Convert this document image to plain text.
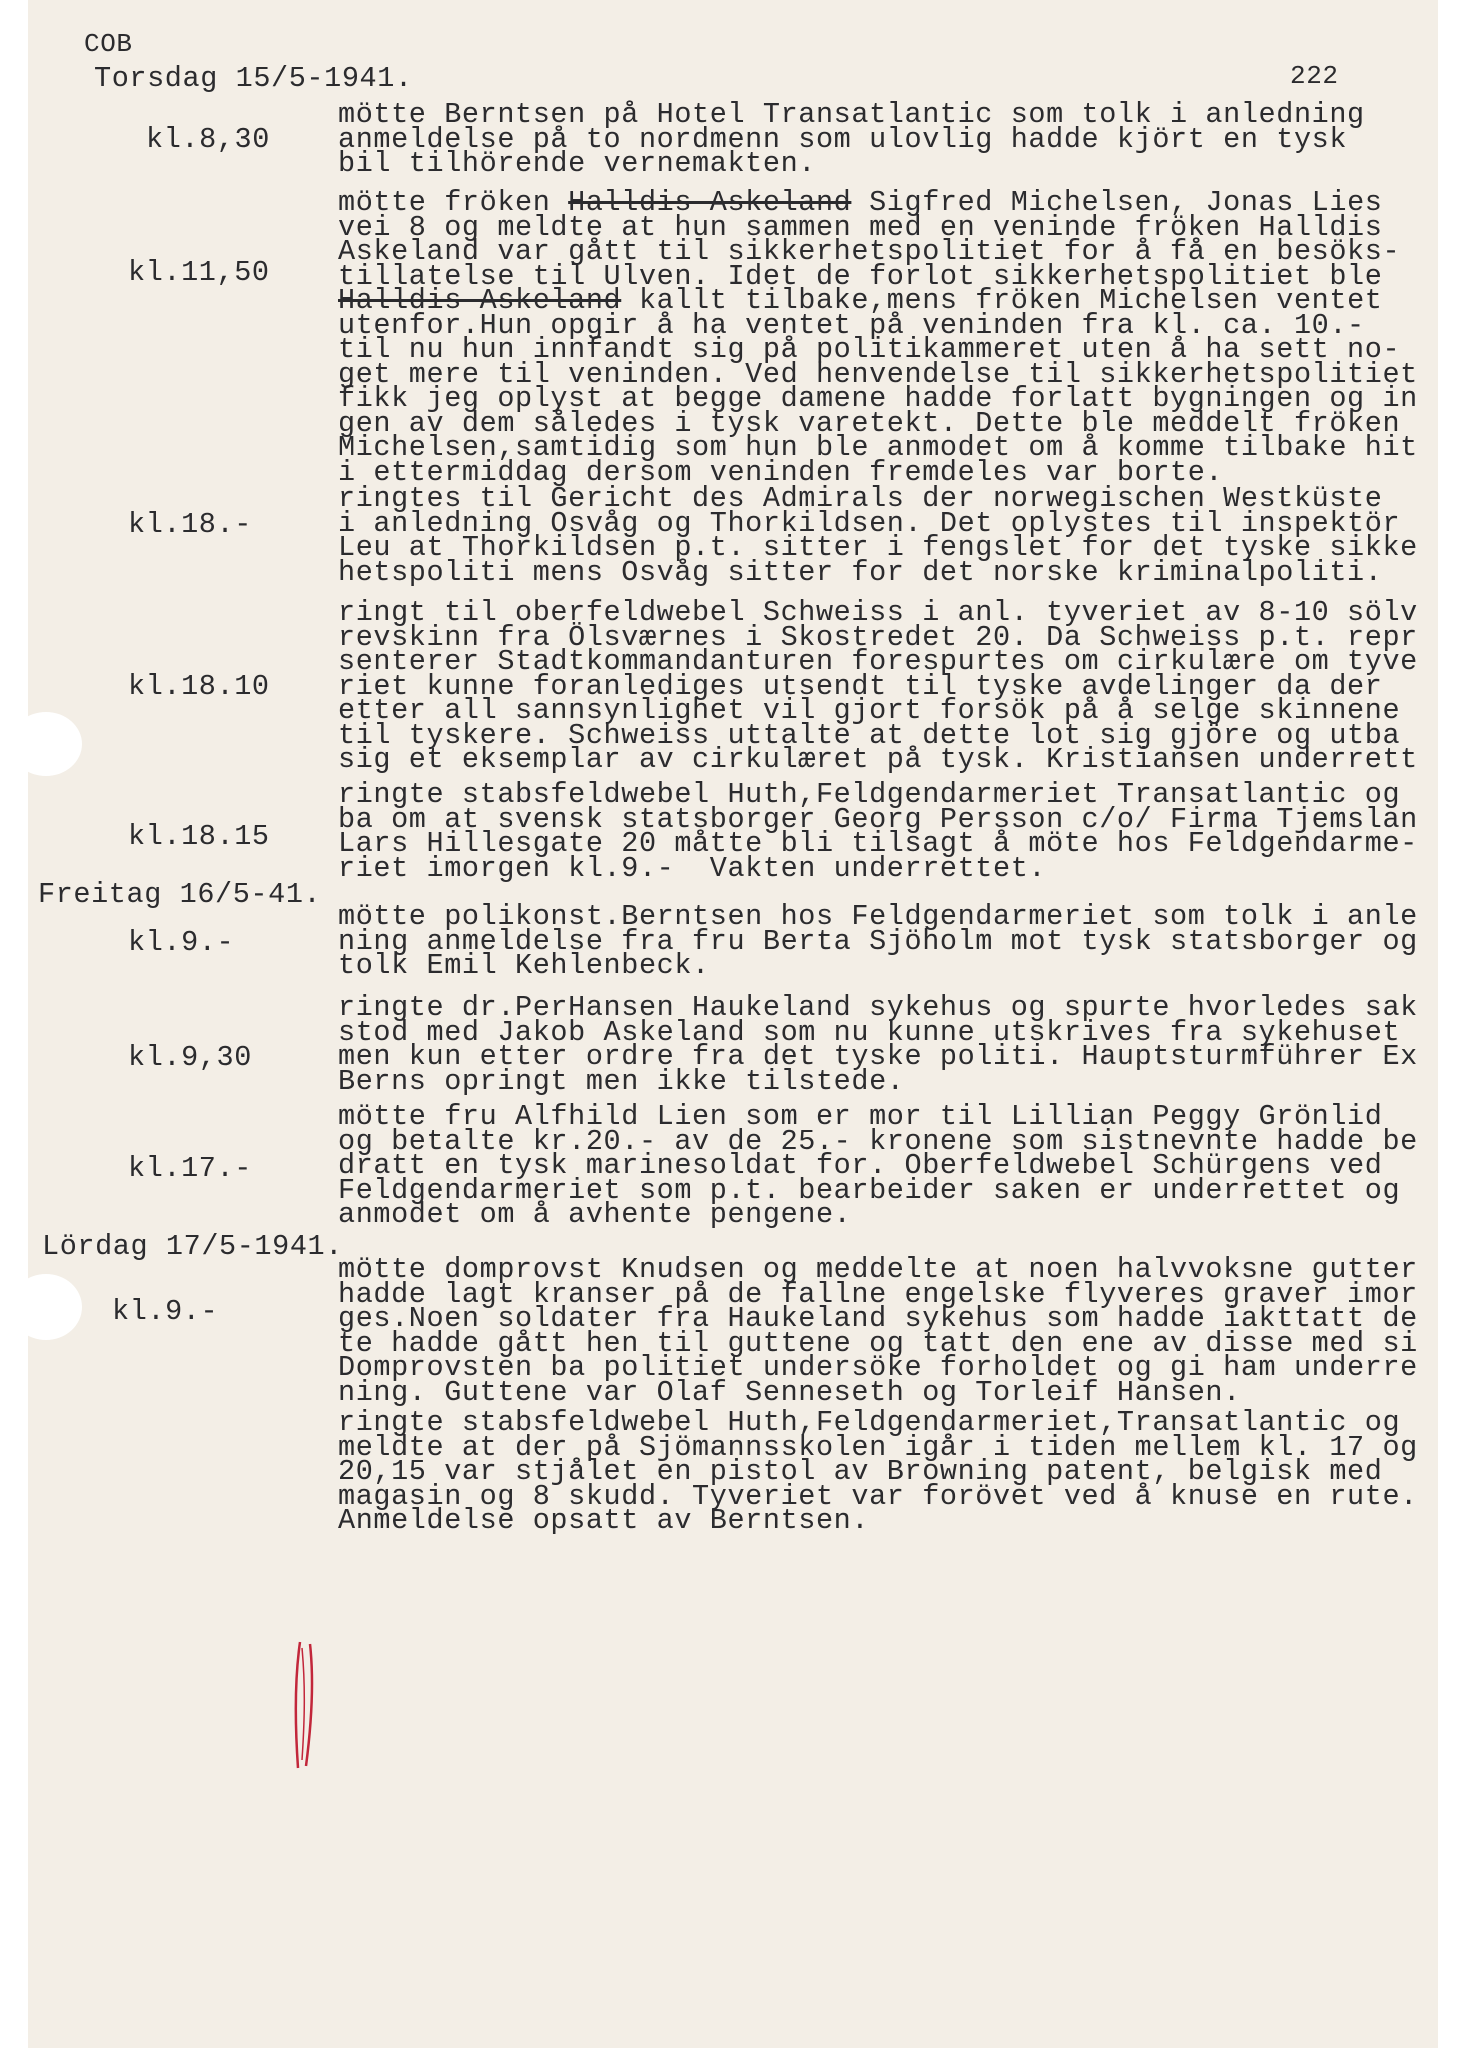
COB
222
Torsdag 15/5-1941.
Freitag 16/5-41.
Lördag 17/5-1941.
kl.8,30
mötte Berntsen på Hotel Transatlantic som tolk i anledning
anmeldelse på to nordmenn som ulovlig hadde kjört en tysk
bil tilhörende vernemakten.
kl.11,50
mötte fröken Halldis Askeland Sigfred Michelsen, Jonas Lies
vei 8 og meldte at hun sammen med en veninde fröken Halldis
Askeland var gått til sikkerhetspolitiet for å få en besöks-
tillatelse til Ulven. Idet de forlot sikkerhetspolitiet ble
Halldis Askeland kallt tilbake,mens fröken Michelsen ventet
utenfor.Hun opgir å ha ventet på veninden fra kl. ca. 10.-
til nu hun innfandt sig på politikammeret uten å ha sett no-
get mere til veninden. Ved henvendelse til sikkerhetspolitiet
fikk jeg oplyst at begge damene hadde forlatt bygningen og in
gen av dem således i tysk varetekt. Dette ble meddelt fröken
Michelsen,samtidig som hun ble anmodet om å komme tilbake hit
i ettermiddag dersom veninden fremdeles var borte.
kl.18.-
ringtes til Gericht des Admirals der norwegischen Westküste
i anledning Osvåg og Thorkildsen. Det oplystes til inspektör
Leu at Thorkildsen p.t. sitter i fengslet for det tyske sikke
hetspoliti mens Osvåg sitter for det norske kriminalpoliti.
kl.18.10
ringt til oberfeldwebel Schweiss i anl. tyveriet av 8-10 sölv
revskinn fra Ölsværnes i Skostredet 20. Da Schweiss p.t. repr
senterer Stadtkommandanturen forespurtes om cirkulære om tyve
riet kunne foranlediges utsendt til tyske avdelinger da der
etter all sannsynlighet vil gjort forsök på å selge skinnene
til tyskere. Schweiss uttalte at dette lot sig gjöre og utba
sig et eksemplar av cirkulæret på tysk. Kristiansen underrett
kl.18.15
ringte stabsfeldwebel Huth,Feldgendarmeriet Transatlantic og
ba om at svensk statsborger Georg Persson c/o/ Firma Tjemslan
Lars Hillesgate 20 måtte bli tilsagt å möte hos Feldgendarme-
riet imorgen kl.9.-  Vakten underrettet.
kl.9.-
mötte polikonst.Berntsen hos Feldgendarmeriet som tolk i anle
ning anmeldelse fra fru Berta Sjöholm mot tysk statsborger og
tolk Emil Kehlenbeck.
kl.9,30
ringte dr.PerHansen Haukeland sykehus og spurte hvorledes sak
stod med Jakob Askeland som nu kunne utskrives fra sykehuset
men kun etter ordre fra det tyske politi. Hauptsturmführer Ex
Berns opringt men ikke tilstede.
kl.17.-
mötte fru Alfhild Lien som er mor til Lillian Peggy Grönlid
og betalte kr.20.- av de 25.- kronene som sistnevnte hadde be
dratt en tysk marinesoldat for. Oberfeldwebel Schürgens ved
Feldgendarmeriet som p.t. bearbeider saken er underrettet og
anmodet om å avhente pengene.
kl.9.-
mötte domprovst Knudsen og meddelte at noen halvvoksne gutter
hadde lagt kranser på de fallne engelske flyveres graver imor
ges.Noen soldater fra Haukeland sykehus som hadde iakttatt de
te hadde gått hen til guttene og tatt den ene av disse med si
Domprovsten ba politiet undersöke forholdet og gi ham underre
ning. Guttene var Olaf Senneseth og Torleif Hansen.
ringte stabsfeldwebel Huth,Feldgendarmeriet,Transatlantic og
meldte at der på Sjömannsskolen igår i tiden mellem kl. 17 og
20,15 var stjålet en pistol av Browning patent, belgisk med
magasin og 8 skudd. Tyveriet var forövet ved å knuse en rute.
Anmeldelse opsatt av Berntsen.
